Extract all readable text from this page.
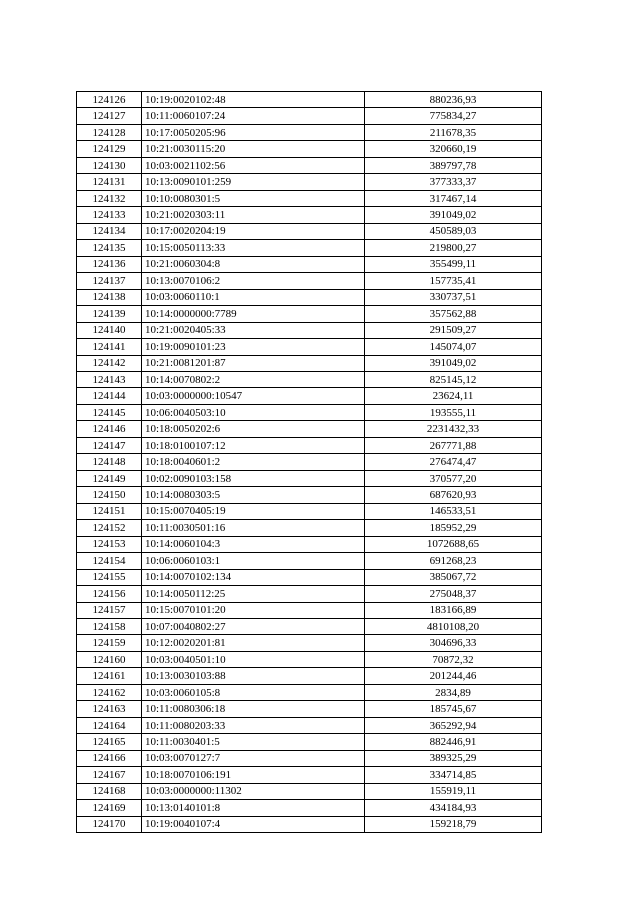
124126	10:19:0020102:48	880236,93
124127	10:11:0060107:24	775834,27
124128	10:17:0050205:96	211678,35
124129	10:21:0030115:20	320660,19
124130	10:03:0021102:56	389797,78
124131	10:13:0090101:259	377333,37
124132	10:10:0080301:5	317467,14
124133	10:21:0020303:11	391049,02
124134	10:17:0020204:19	450589,03
124135	10:15:0050113:33	219800,27
124136	10:21:0060304:8	355499,11
124137	10:13:0070106:2	157735,41
124138	10:03:0060110:1	330737,51
124139	10:14:0000000:7789	357562,88
124140	10:21:0020405:33	291509,27
124141	10:19:0090101:23	145074,07
124142	10:21:0081201:87	391049,02
124143	10:14:0070802:2	825145,12
124144	10:03:0000000:10547	23624,11
124145	10:06:0040503:10	193555,11
124146	10:18:0050202:6	2231432,33
124147	10:18:0100107:12	267771,88
124148	10:18:0040601:2	276474,47
124149	10:02:0090103:158	370577,20
124150	10:14:0080303:5	687620,93
124151	10:15:0070405:19	146533,51
124152	10:11:0030501:16	185952,29
124153	10:14:0060104:3	1072688,65
124154	10:06:0060103:1	691268,23
124155	10:14:0070102:134	385067,72
124156	10:14:0050112:25	275048,37
124157	10:15:0070101:20	183166,89
124158	10:07:0040802:27	4810108,20
124159	10:12:0020201:81	304696,33
124160	10:03:0040501:10	70872,32
124161	10:13:0030103:88	201244,46
124162	10:03:0060105:8	2834,89
124163	10:11:0080306:18	185745,67
124164	10:11:0080203:33	365292,94
124165	10:11:0030401:5	882446,91
124166	10:03:0070127:7	389325,29
124167	10:18:0070106:191	334714,85
124168	10:03:0000000:11302	155919,11
124169	10:13:0140101:8	434184,93
124170	10:19:0040107:4	159218,79
